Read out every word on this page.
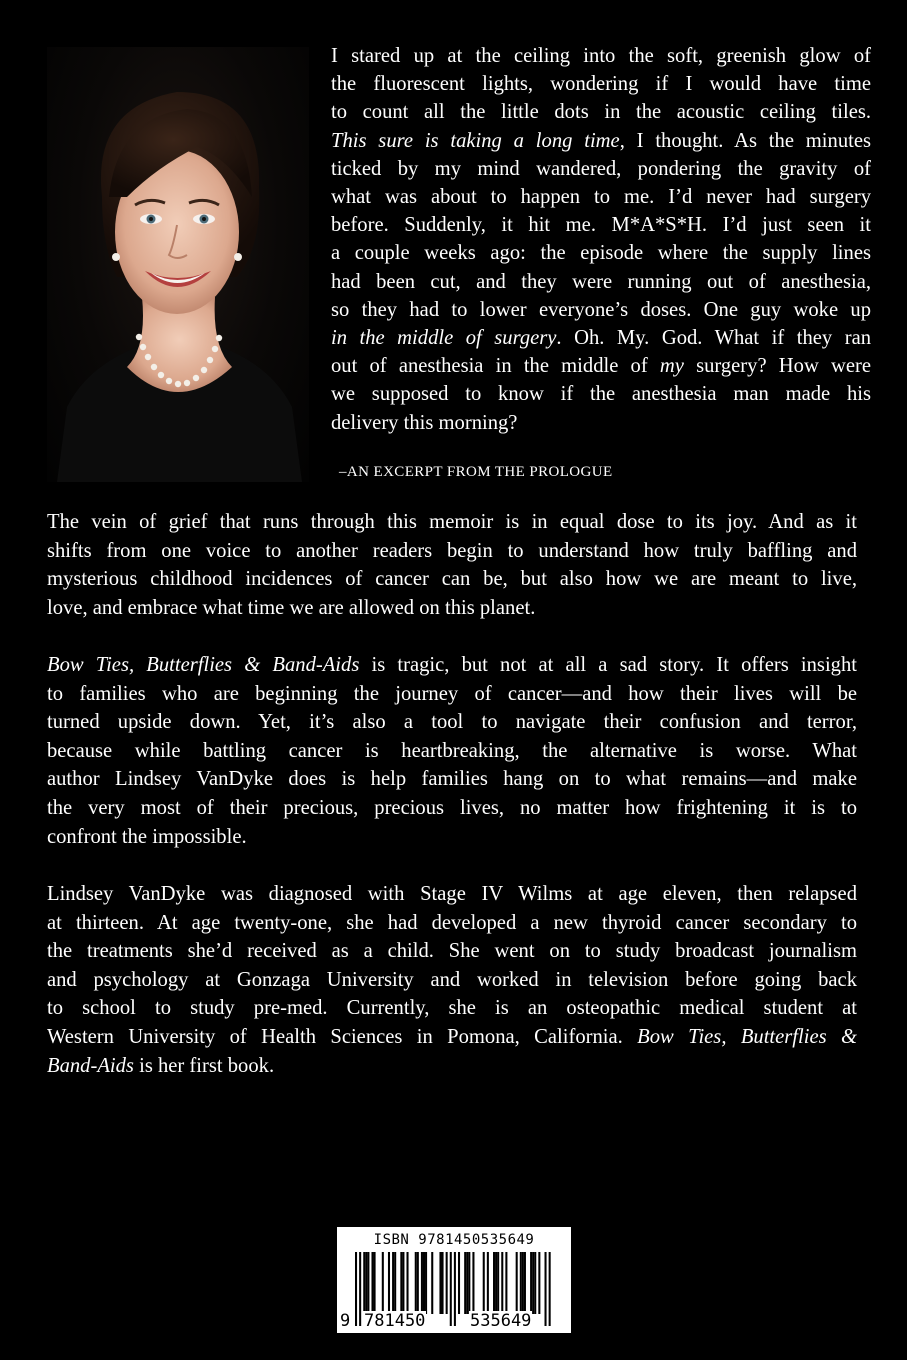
I stared up at the ceiling into the soft, greenish glow of
the fluorescent lights, wondering if I would have time
to count all the little dots in the acoustic ceiling tiles.
This sure is taking a long time, I thought. As the minutes
ticked by my mind wandered, pondering the gravity of
what was about to happen to me. I’d never had surgery
before. Suddenly, it hit me. M*A*S*H. I’d just seen it
a couple weeks ago: the episode where the supply lines
had been cut, and they were running out of anesthesia,
so they had to lower everyone’s doses. One guy woke up
in the middle of surgery. Oh. My. God. What if they ran
out of anesthesia in the middle of my surgery? How were
we supposed to know if the anesthesia man made his
delivery this morning?

–AN EXCERPT FROM THE PROLOGUE

The vein of grief that runs through this memoir is in equal dose to its joy. And as it
shifts from one voice to another readers begin to understand how truly baffling and
mysterious childhood incidences of cancer can be, but also how we are meant to live,
love, and embrace what time we are allowed on this planet.

Bow Ties, Butterflies & Band-Aids is tragic, but not at all a sad story. It offers insight
to families who are beginning the journey of cancer—and how their lives will be
turned upside down. Yet, it’s also a tool to navigate their confusion and terror,
because while battling cancer is heartbreaking, the alternative is worse. What
author Lindsey VanDyke does is help families hang on to what remains—and make
the very most of their precious, precious lives, no matter how frightening it is to
confront the impossible.

Lindsey VanDyke was diagnosed with Stage IV Wilms at age eleven, then relapsed
at thirteen. At age twenty-one, she had developed a new thyroid cancer secondary to
the treatments she’d received as a child. She went on to study broadcast journalism
and psychology at Gonzaga University and worked in television before going back
to school to study pre-med. Currently, she is an osteopathic medical student at
Western University of Health Sciences in Pomona, California. Bow Ties, Butterflies &
Band-Aids is her first book.

ISBN 9781450535649
9 781450	535649
